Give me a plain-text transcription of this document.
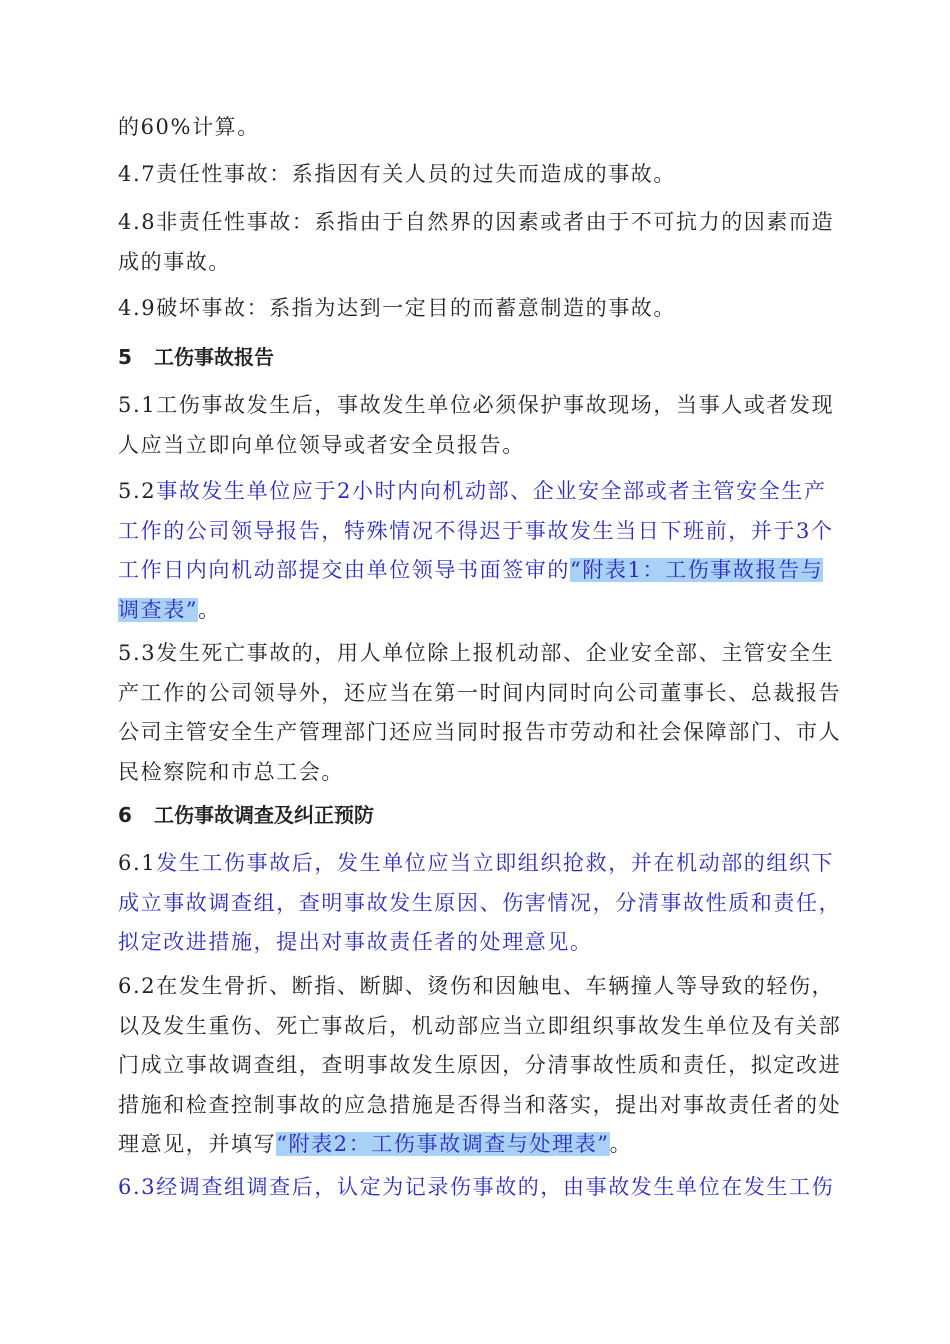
的60%计算。

4.7责任性事故：系指因有关人员的过失而造成的事故。

4.8非责任性事故：系指由于自然界的因素或者由于不可抗力的因素而造成的事故。

4.9破坏事故：系指为达到一定目的而蓄意制造的事故。

5 工伤事故报告

5.1工伤事故发生后，事故发生单位必须保护事故现场，当事人或者发现人应当立即向单位领导或者安全员报告。

5.2事故发生单位应于2小时内向机动部、企业安全部或者主管安全生产工作的公司领导报告，特殊情况不得迟于事故发生当日下班前，并于3个工作日内向机动部提交由单位领导书面签审的“附表1：工伤事故报告与调查表”。

5.3发生死亡事故的，用人单位除上报机动部、企业安全部、主管安全生产工作的公司领导外，还应当在第一时间内同时向公司董事长、总裁报告公司主管安全生产管理部门还应当同时报告市劳动和社会保障部门、市人民检察院和市总工会。

6 工伤事故调查及纠正预防

6.1发生工伤事故后，发生单位应当立即组织抢救，并在机动部的组织下成立事故调查组，查明事故发生原因、伤害情况，分清事故性质和责任，拟定改进措施，提出对事故责任者的处理意见。

6.2在发生骨折、断指、断脚、烫伤和因触电、车辆撞人等导致的轻伤，以及发生重伤、死亡事故后，机动部应当立即组织事故发生单位及有关部门成立事故调查组，查明事故发生原因，分清事故性质和责任，拟定改进措施和检查控制事故的应急措施是否得当和落实，提出对事故责任者的处理意见，并填写“附表2：工伤事故调查与处理表”。

6.3经调查组调查后，认定为记录伤事故的，由事故发生单位在发生工伤
